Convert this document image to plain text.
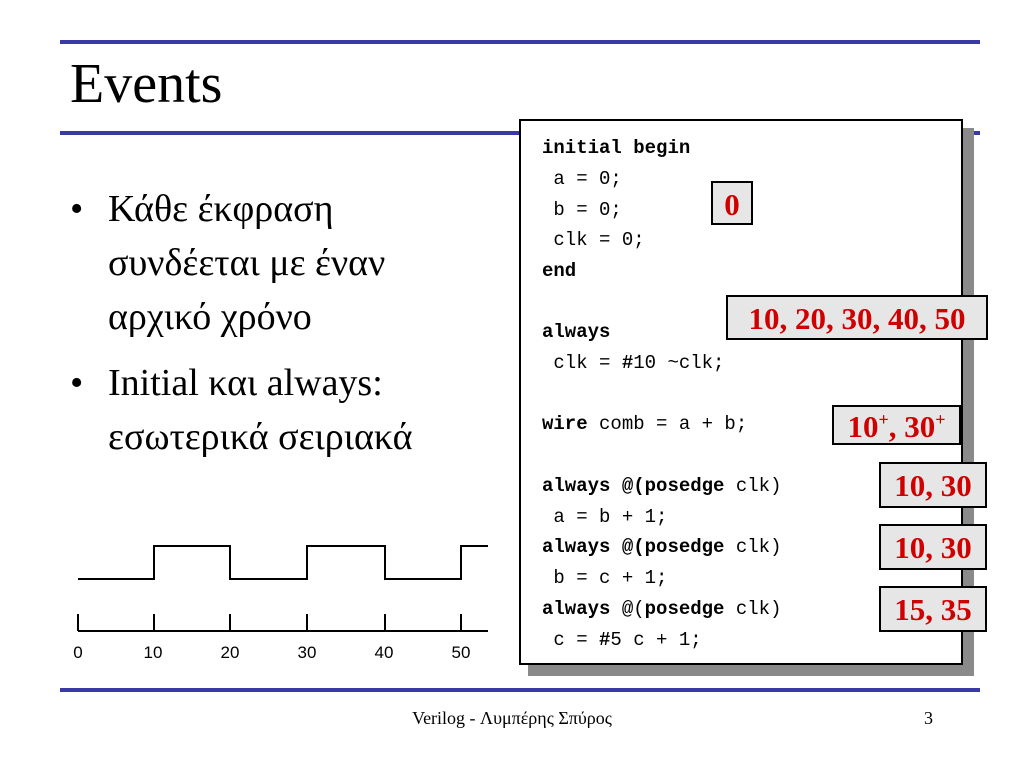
Events
• Κάθε έκφραση
συνδέεται με έναν
αρχικό χρόνο
• Initial και always:
εσωτερικά σειριακά
0	10	20	30	40	50
initial begin
a = 0;
b = 0;
clk = 0;
end
always
clk = #10 ~clk;
wire comb = a + b;
always @(posedge clk)
a = b + 1;
always @(posedge clk)
b = c + 1;
always @(posedge clk)
c = #5 c + 1;
0
10, 20, 30, 40, 50
10+, 30+
10, 30
10, 30
15, 35
Verilog - Λυμπέρης Σπύρος	3
